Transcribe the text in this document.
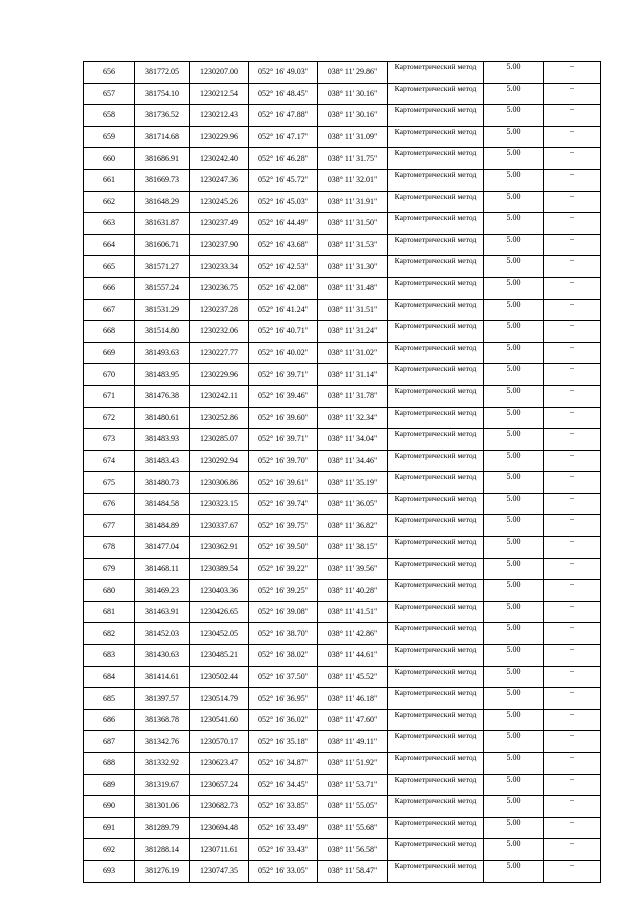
656	381772.05	1230207.00	052° 16' 49.03"	038° 11' 29.86"	Картометрический метод	5.00	–
657	381754.10	1230212.54	052° 16' 48.45"	038° 11' 30.16"	Картометрический метод	5.00	–
658	381736.52	1230212.43	052° 16' 47.88"	038° 11' 30.16"	Картометрический метод	5.00	–
659	381714.68	1230229.96	052° 16' 47.17"	038° 11' 31.09"	Картометрический метод	5.00	–
660	381686.91	1230242.40	052° 16' 46.28"	038° 11' 31.75"	Картометрический метод	5.00	–
661	381669.73	1230247.36	052° 16' 45.72"	038° 11' 32.01"	Картометрический метод	5.00	–
662	381648.29	1230245.26	052° 16' 45.03"	038° 11' 31.91"	Картометрический метод	5.00	–
663	381631.87	1230237.49	052° 16' 44.49"	038° 11' 31.50"	Картометрический метод	5.00	–
664	381606.71	1230237.90	052° 16' 43.68"	038° 11' 31.53"	Картометрический метод	5.00	–
665	381571.27	1230233.34	052° 16' 42.53"	038° 11' 31.30"	Картометрический метод	5.00	–
666	381557.24	1230236.75	052° 16' 42.08"	038° 11' 31.48"	Картометрический метод	5.00	–
667	381531.29	1230237.28	052° 16' 41.24"	038° 11' 31.51"	Картометрический метод	5.00	–
668	381514.80	1230232.06	052° 16' 40.71"	038° 11' 31.24"	Картометрический метод	5.00	–
669	381493.63	1230227.77	052° 16' 40.02"	038° 11' 31.02"	Картометрический метод	5.00	–
670	381483.95	1230229.96	052° 16' 39.71"	038° 11' 31.14"	Картометрический метод	5.00	–
671	381476.38	1230242.11	052° 16' 39.46"	038° 11' 31.78"	Картометрический метод	5.00	–
672	381480.61	1230252.86	052° 16' 39.60"	038° 11' 32.34"	Картометрический метод	5.00	–
673	381483.93	1230285.07	052° 16' 39.71"	038° 11' 34.04"	Картометрический метод	5.00	–
674	381483.43	1230292.94	052° 16' 39.70"	038° 11' 34.46"	Картометрический метод	5.00	–
675	381480.73	1230306.86	052° 16' 39.61"	038° 11' 35.19"	Картометрический метод	5.00	–
676	381484.58	1230323.15	052° 16' 39.74"	038° 11' 36.05"	Картометрический метод	5.00	–
677	381484.89	1230337.67	052° 16' 39.75"	038° 11' 36.82"	Картометрический метод	5.00	–
678	381477.04	1230362.91	052° 16' 39.50"	038° 11' 38.15"	Картометрический метод	5.00	–
679	381468.11	1230389.54	052° 16' 39.22"	038° 11' 39.56"	Картометрический метод	5.00	–
680	381469.23	1230403.36	052° 16' 39.25"	038° 11' 40.28"	Картометрический метод	5.00	–
681	381463.91	1230426.65	052° 16' 39.08"	038° 11' 41.51"	Картометрический метод	5.00	–
682	381452.03	1230452.05	052° 16' 38.70"	038° 11' 42.86"	Картометрический метод	5.00	–
683	381430.63	1230485.21	052° 16' 38.02"	038° 11' 44.61"	Картометрический метод	5.00	–
684	381414.61	1230502.44	052° 16' 37.50"	038° 11' 45.52"	Картометрический метод	5.00	–
685	381397.57	1230514.79	052° 16' 36.95"	038° 11' 46.18"	Картометрический метод	5.00	–
686	381368.78	1230541.60	052° 16' 36.02"	038° 11' 47.60"	Картометрический метод	5.00	–
687	381342.76	1230570.17	052° 16' 35.18"	038° 11' 49.11"	Картометрический метод	5.00	–
688	381332.92	1230623.47	052° 16' 34.87"	038° 11' 51.92"	Картометрический метод	5.00	–
689	381319.67	1230657.24	052° 16' 34.45"	038° 11' 53.71"	Картометрический метод	5.00	–
690	381301.06	1230682.73	052° 16' 33.85"	038° 11' 55.05"	Картометрический метод	5.00	–
691	381289.79	1230694.48	052° 16' 33.49"	038° 11' 55.68"	Картометрический метод	5.00	–
692	381288.14	1230711.61	052° 16' 33.43"	038° 11' 56.58"	Картометрический метод	5.00	–
693	381276.19	1230747.35	052° 16' 33.05"	038° 11' 58.47"	Картометрический метод	5.00	–
